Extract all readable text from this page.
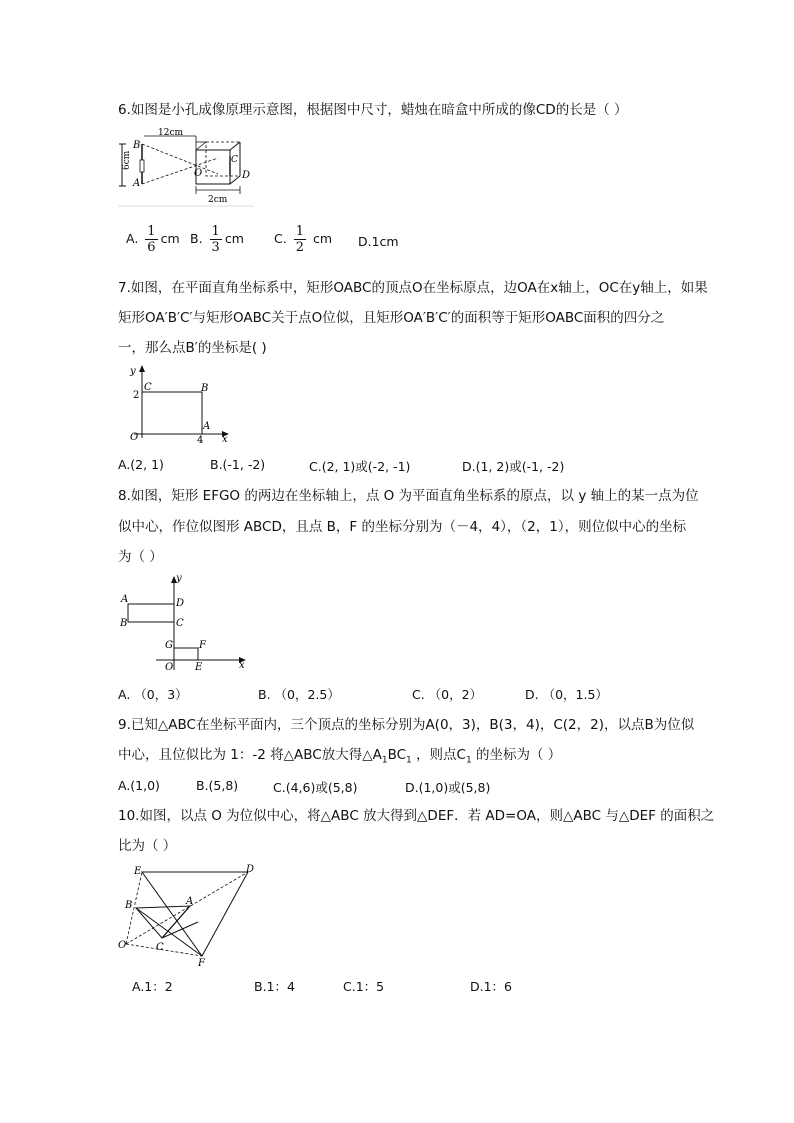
6.如图是小孔成像原理示意图，根据图中尺寸，蜡烛在暗盒中所成的像CD的长是（ ）
6cm
B
A
12cm
O
C
D
2cm
A. $\frac{1}{6}$ cm B. $\frac{1}{3}$ cm C. $\frac{1}{2}$ cm D.1cm
7.如图，在平面直角坐标系中，矩形OABC的顶点O在坐标原点，边OA在x轴上，OC在y轴上，如果
矩形OA′B′C′与矩形OABC关于点O位似，且矩形OA′B′C′的面积等于矩形OABC面积的四分之
一，那么点B′的坐标是( )
y
C	B
2
O	4
A
x
A.(2, 1)	B.(-1, -2)	C.(2, 1)或(-2, -1)	D.(1, 2)或(-1, -2)
8.如图，矩形 EFGO 的两边在坐标轴上，点 O 为平面直角坐标系的原点，以 y 轴上的某一点为位
似中心，作位似图形 ABCD，且点 B，F 的坐标分别为（－4，4），（2，1），则位似中心的坐标
为（ ）
y
A	D
B	C
G	F
O E	x
A. （0，3）	B. （0，2.5）	C. （0，2）	D. （0，1.5）
9.已知△ABC在坐标平面内，三个顶点的坐标分别为A(0，3)，B(3，4)，C(2，2)，以点B为位似
中心，且位似比为 1：-2 将△ABC放大得$\triangle A_1BC_1$ ，则点$C_1$ 的坐标为（ ）
A.(1,0)	B.(5,8)	C.(4,6)或(5,8)	D.(1,0)或(5,8)
10.如图，以点 O 为位似中心，将△ABC 放大得到△DEF．若 AD=OA，则△ABC 与△DEF 的面积之
比为（ ）
E	D
B	A
O	C
F
A.1：2	B.1：4	C.1：5	D.1：6
